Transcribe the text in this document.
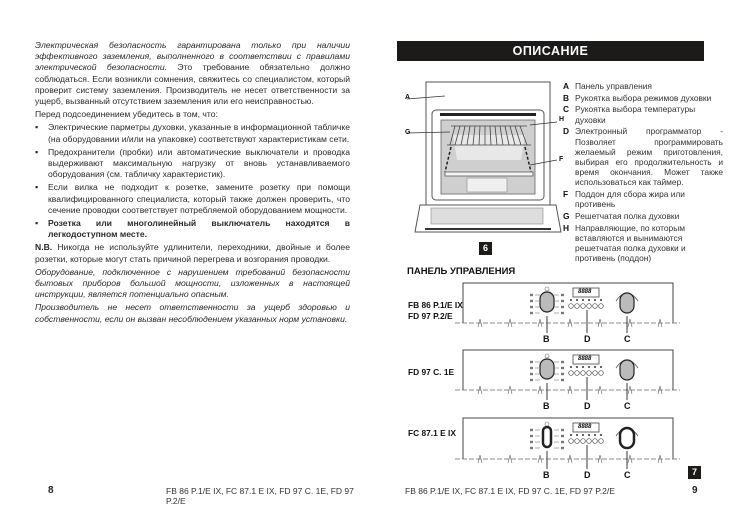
Электрическая безопасность гарантирована только при наличии эффективного заземления, выполненного в соответствии с правилами электрической безопасности. Это требование обязательно должно соблюдаться. Если возникли сомнения, свяжитесь со специалистом, который проверит систему заземления. Производитель не несет ответственности за ущерб, вызванный отсутствием заземления или его неисправностью.

Перед подсоединением убедитесь в том, что:

▪ Электрические парметры духовки, указанные в информационной табличке (на оборудовании и/или на упаковке) соответствуют характеристикам сети.
▪ Предохранители (пробки) или автоматические выключатели и проводка выдерживают максимальную нагрузку от вновь устанавливаемого оборудования (см. табличку характеристик).
▪ Если вилка не подходит к розетке, замените розетку при помощи квалифицированного специалиста, который также должен проверить, что сечение проводки соответствует потребляемой оборудованием мощности.
▪ Розетка или многолинейный выключатель находятся в легкодоступном месте.

N.B. Никогда не используйте удлинители, переходники, двойные и более розетки, которые могут стать причиной перегрева и возгорания проводки.

Оборудование, подключенное с нарушением требований безопасности бытовых приборов большой мощности, изложенных в настоящей инструкции, является потенциально опасным.

Производитель не несет ответственности за ущерб здоровью и собственности, если он вызван несоблюдением указанных норм установки.

8	FB 86 P.1/E IX, FC 87.1 E IX, FD 97 C. 1E, FD 97 P.2/E
ОПИСАНИЕ
A
G
H
F
6
A Панель управления
B Рукоятка выбора режимов духовки
C Рукоятка выбора температуры духовки
D Электронный программатор - Позволяет программировать желаемый режим приготовления, выбирая его продолжительность и время окончания. Может также использоваться как таймер.
F Поддон для сбора жира или противень
G Решетчатая полка духовки
H Направляющие, по которым вставляются и вынимаются решетчатая полка духовки и противень (поддон)
ПАНЕЛЬ УПРАВЛЕНИЯ
FB 86 P.1/E IX
FD 97 P.2/E
FD 97 C. 1E
FC 87.1 E IX
B	D	C
B	D	C
B	D	C
8888
8888
8888
7
FB 86 P.1/E IX, FC 87.1 E IX, FD 97 C. 1E, FD 97 P.2/E	9
